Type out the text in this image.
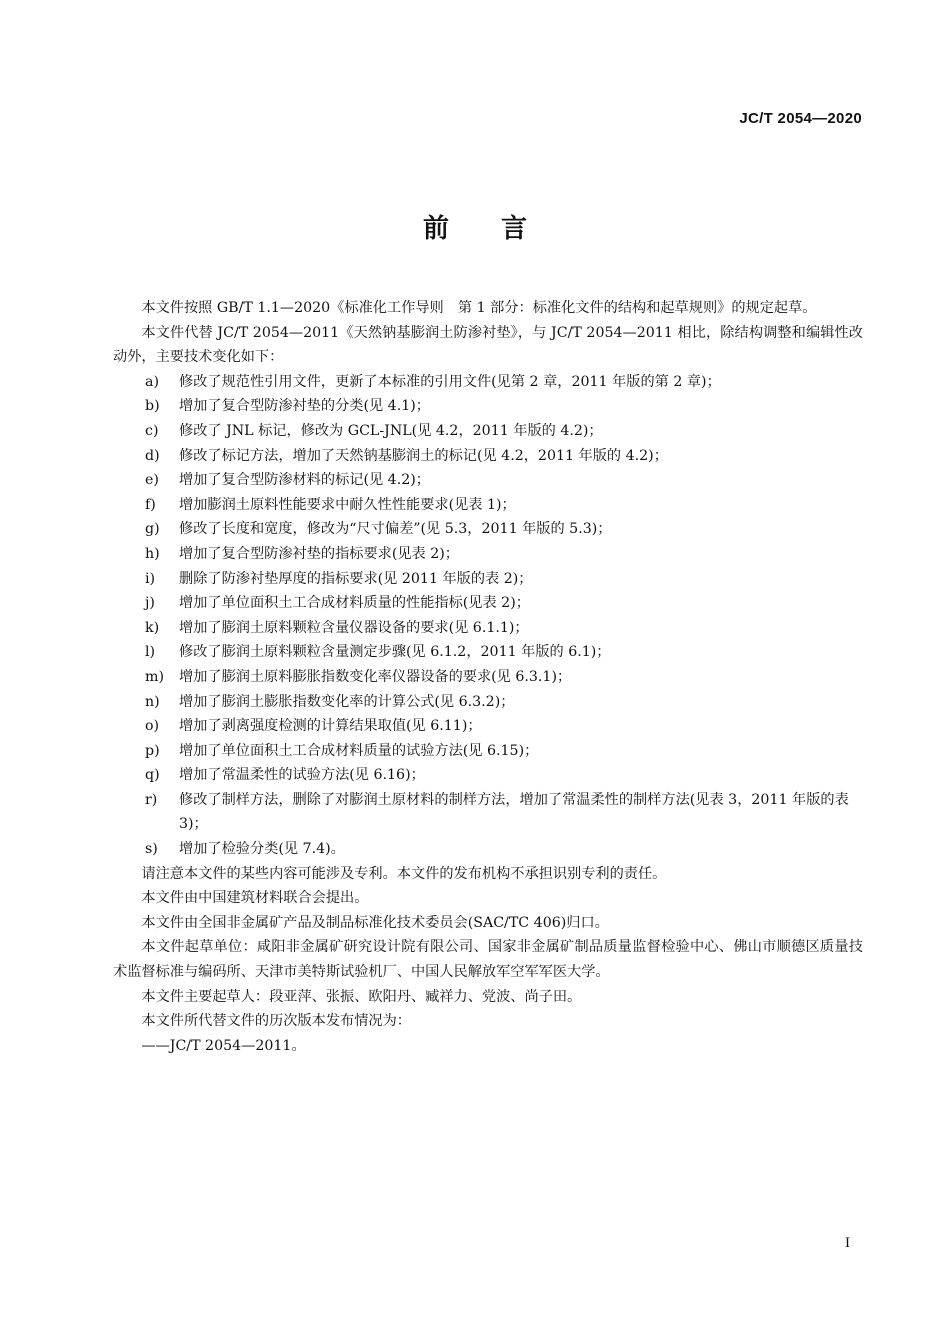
JC/T 2054—2020
前言

本文件按照 GB/T 1.1—2020《标准化工作导则　第 1 部分：标准化文件的结构和起草规则》的规定起草。

本文件代替 JC/T 2054—2011《天然钠基膨润土防渗衬垫》，与 JC/T 2054—2011 相比，除结构调整和编辑性改动外，主要技术变化如下：

a) 修改了规范性引用文件，更新了本标准的引用文件(见第 2 章，2011 年版的第 2 章)；
b) 增加了复合型防渗衬垫的分类(见 4.1)；
c) 修改了 JNL 标记，修改为 GCL-JNL(见 4.2，2011 年版的 4.2)；
d) 修改了标记方法，增加了天然钠基膨润土的标记(见 4.2，2011 年版的 4.2)；
e) 增加了复合型防渗材料的标记(见 4.2)；
f) 增加膨润土原料性能要求中耐久性性能要求(见表 1)；
g) 修改了长度和宽度，修改为“尺寸偏差”(见 5.3，2011 年版的 5.3)；
h) 增加了复合型防渗衬垫的指标要求(见表 2)；
i) 删除了防渗衬垫厚度的指标要求(见 2011 年版的表 2)；
j) 增加了单位面积土工合成材料质量的性能指标(见表 2)；
k) 增加了膨润土原料颗粒含量仪器设备的要求(见 6.1.1)；
l) 修改了膨润土原料颗粒含量测定步骤(见 6.1.2，2011 年版的 6.1)；
m) 增加了膨润土原料膨胀指数变化率仪器设备的要求(见 6.3.1)；
n) 增加了膨润土膨胀指数变化率的计算公式(见 6.3.2)；
o) 增加了剥离强度检测的计算结果取值(见 6.11)；
p) 增加了单位面积土工合成材料质量的试验方法(见 6.15)；
q) 增加了常温柔性的试验方法(见 6.16)；
r) 修改了制样方法，删除了对膨润土原材料的制样方法，增加了常温柔性的制样方法(见表 3，2011 年版的表 3)；
s) 增加了检验分类(见 7.4)。

请注意本文件的某些内容可能涉及专利。本文件的发布机构不承担识别专利的责任。

本文件由中国建筑材料联合会提出。

本文件由全国非金属矿产品及制品标准化技术委员会(SAC/TC 406)归口。

本文件起草单位：咸阳非金属矿研究设计院有限公司、国家非金属矿制品质量监督检验中心、佛山市顺德区质量技术监督标准与编码所、天津市美特斯试验机厂、中国人民解放军空军军医大学。

本文件主要起草人：段亚萍、张振、欧阳丹、臧祥力、党波、尚子田。

本文件所代替文件的历次版本发布情况为：

——JC/T 2054—2011。

I
